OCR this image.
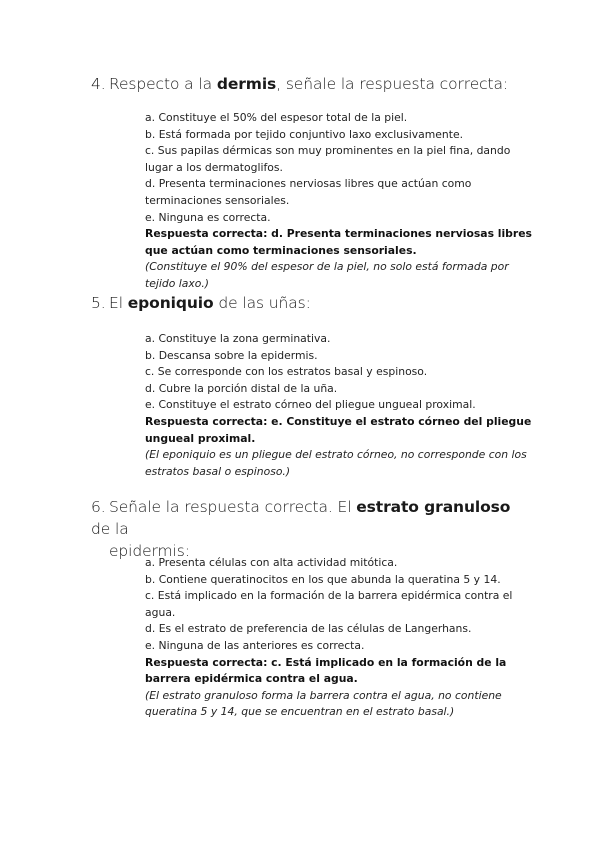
4. Respecto a la dermis, señale la respuesta correcta:
a. Constituye el 50% del espesor total de la piel.
b. Está formada por tejido conjuntivo laxo exclusivamente.
c. Sus papilas dérmicas son muy prominentes en la piel fina, dando lugar a los dermatoglifos.
d. Presenta terminaciones nerviosas libres que actúan como terminaciones sensoriales.
e. Ninguna es correcta.
Respuesta correcta: d. Presenta terminaciones nerviosas libres que actúan como terminaciones sensoriales.
(Constituye el 90% del espesor de la piel, no solo está formada por tejido laxo.)
5. El eponiquio de las uñas:
a. Constituye la zona germinativa.
b. Descansa sobre la epidermis.
c. Se corresponde con los estratos basal y espinoso.
d. Cubre la porción distal de la uña.
e. Constituye el estrato córneo del pliegue ungueal proximal.
Respuesta correcta: e. Constituye el estrato córneo del pliegue ungueal proximal.
(El eponiquio es un pliegue del estrato córneo, no corresponde con los estratos basal o espinoso.)
6. Señale la respuesta correcta. El estrato granuloso de la
epidermis:
a. Presenta células con alta actividad mitótica.
b. Contiene queratinocitos en los que abunda la queratina 5 y 14.
c. Está implicado en la formación de la barrera epidérmica contra el agua.
d. Es el estrato de preferencia de las células de Langerhans.
e. Ninguna de las anteriores es correcta.
Respuesta correcta: c. Está implicado en la formación de la barrera epidérmica contra el agua.
(El estrato granuloso forma la barrera contra el agua, no contiene queratina 5 y 14, que se encuentran en el estrato basal.)
